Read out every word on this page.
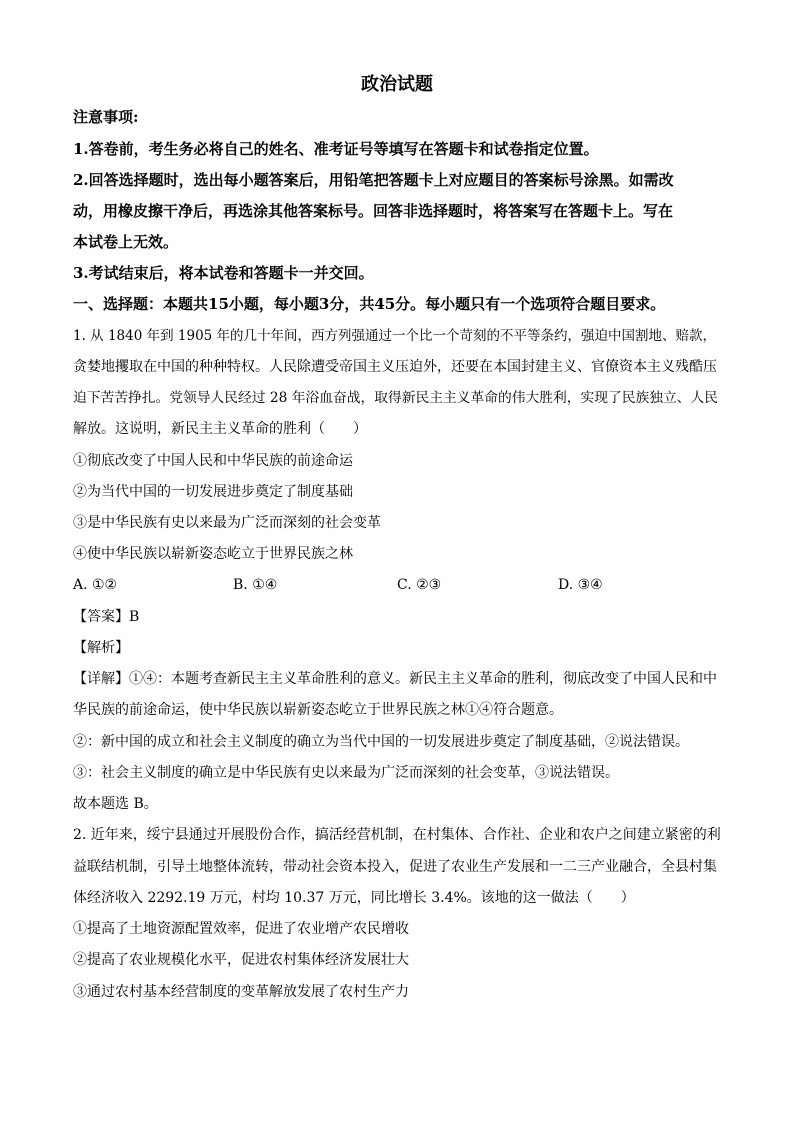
政治试题
注意事项:
1.答卷前，考生务必将自己的姓名、准考证号等填写在答题卡和试卷指定位置。
2.回答选择题时，选出每小题答案后，用铅笔把答题卡上对应题目的答案标号涂黑。如需改
动，用橡皮擦干净后，再选涂其他答案标号。回答非选择题时，将答案写在答题卡上。写在
本试卷上无效。
3.考试结束后，将本试卷和答题卡一并交回。
一、选择题：本题共15小题，每小题3分，共45分。每小题只有一个选项符合题目要求。
1. 从 1840 年到 1905 年的几十年间，西方列强通过一个比一个苛刻的不平等条约，强迫中国割地、赔款，
贪婪地攫取在中国的种种特权。人民除遭受帝国主义压迫外，还要在本国封建主义、官僚资本主义残酷压
迫下苦苦挣扎。党领导人民经过 28 年浴血奋战，取得新民主主义革命的伟大胜利，实现了民族独立、人民
解放。这说明，新民主主义革命的胜利（　　）
①彻底改变了中国人民和中华民族的前途命运
②为当代中国的一切发展进步奠定了制度基础
③是中华民族有史以来最为广泛而深刻的社会变革
④使中华民族以崭新姿态屹立于世界民族之林
A. ①②	B. ①④	C. ②③	D. ③④
【答案】B
【解析】
【详解】①④：本题考查新民主主义革命胜利的意义。新民主主义革命的胜利，彻底改变了中国人民和中
华民族的前途命运，使中华民族以崭新姿态屹立于世界民族之林①④符合题意。
②：新中国的成立和社会主义制度的确立为当代中国的一切发展进步奠定了制度基础，②说法错误。
③：社会主义制度的确立是中华民族有史以来最为广泛而深刻的社会变革，③说法错误。
故本题选 B。
2. 近年来，绥宁县通过开展股份合作，搞活经营机制，在村集体、合作社、企业和农户之间建立紧密的利
益联结机制，引导土地整体流转，带动社会资本投入，促进了农业生产发展和一二三产业融合，全县村集
体经济收入 2292.19 万元，村均 10.37 万元，同比增长 3.4%。该地的这一做法（　　）
①提高了土地资源配置效率，促进了农业增产农民增收
②提高了农业规模化水平，促进农村集体经济发展壮大
③通过农村基本经营制度的变革解放发展了农村生产力
